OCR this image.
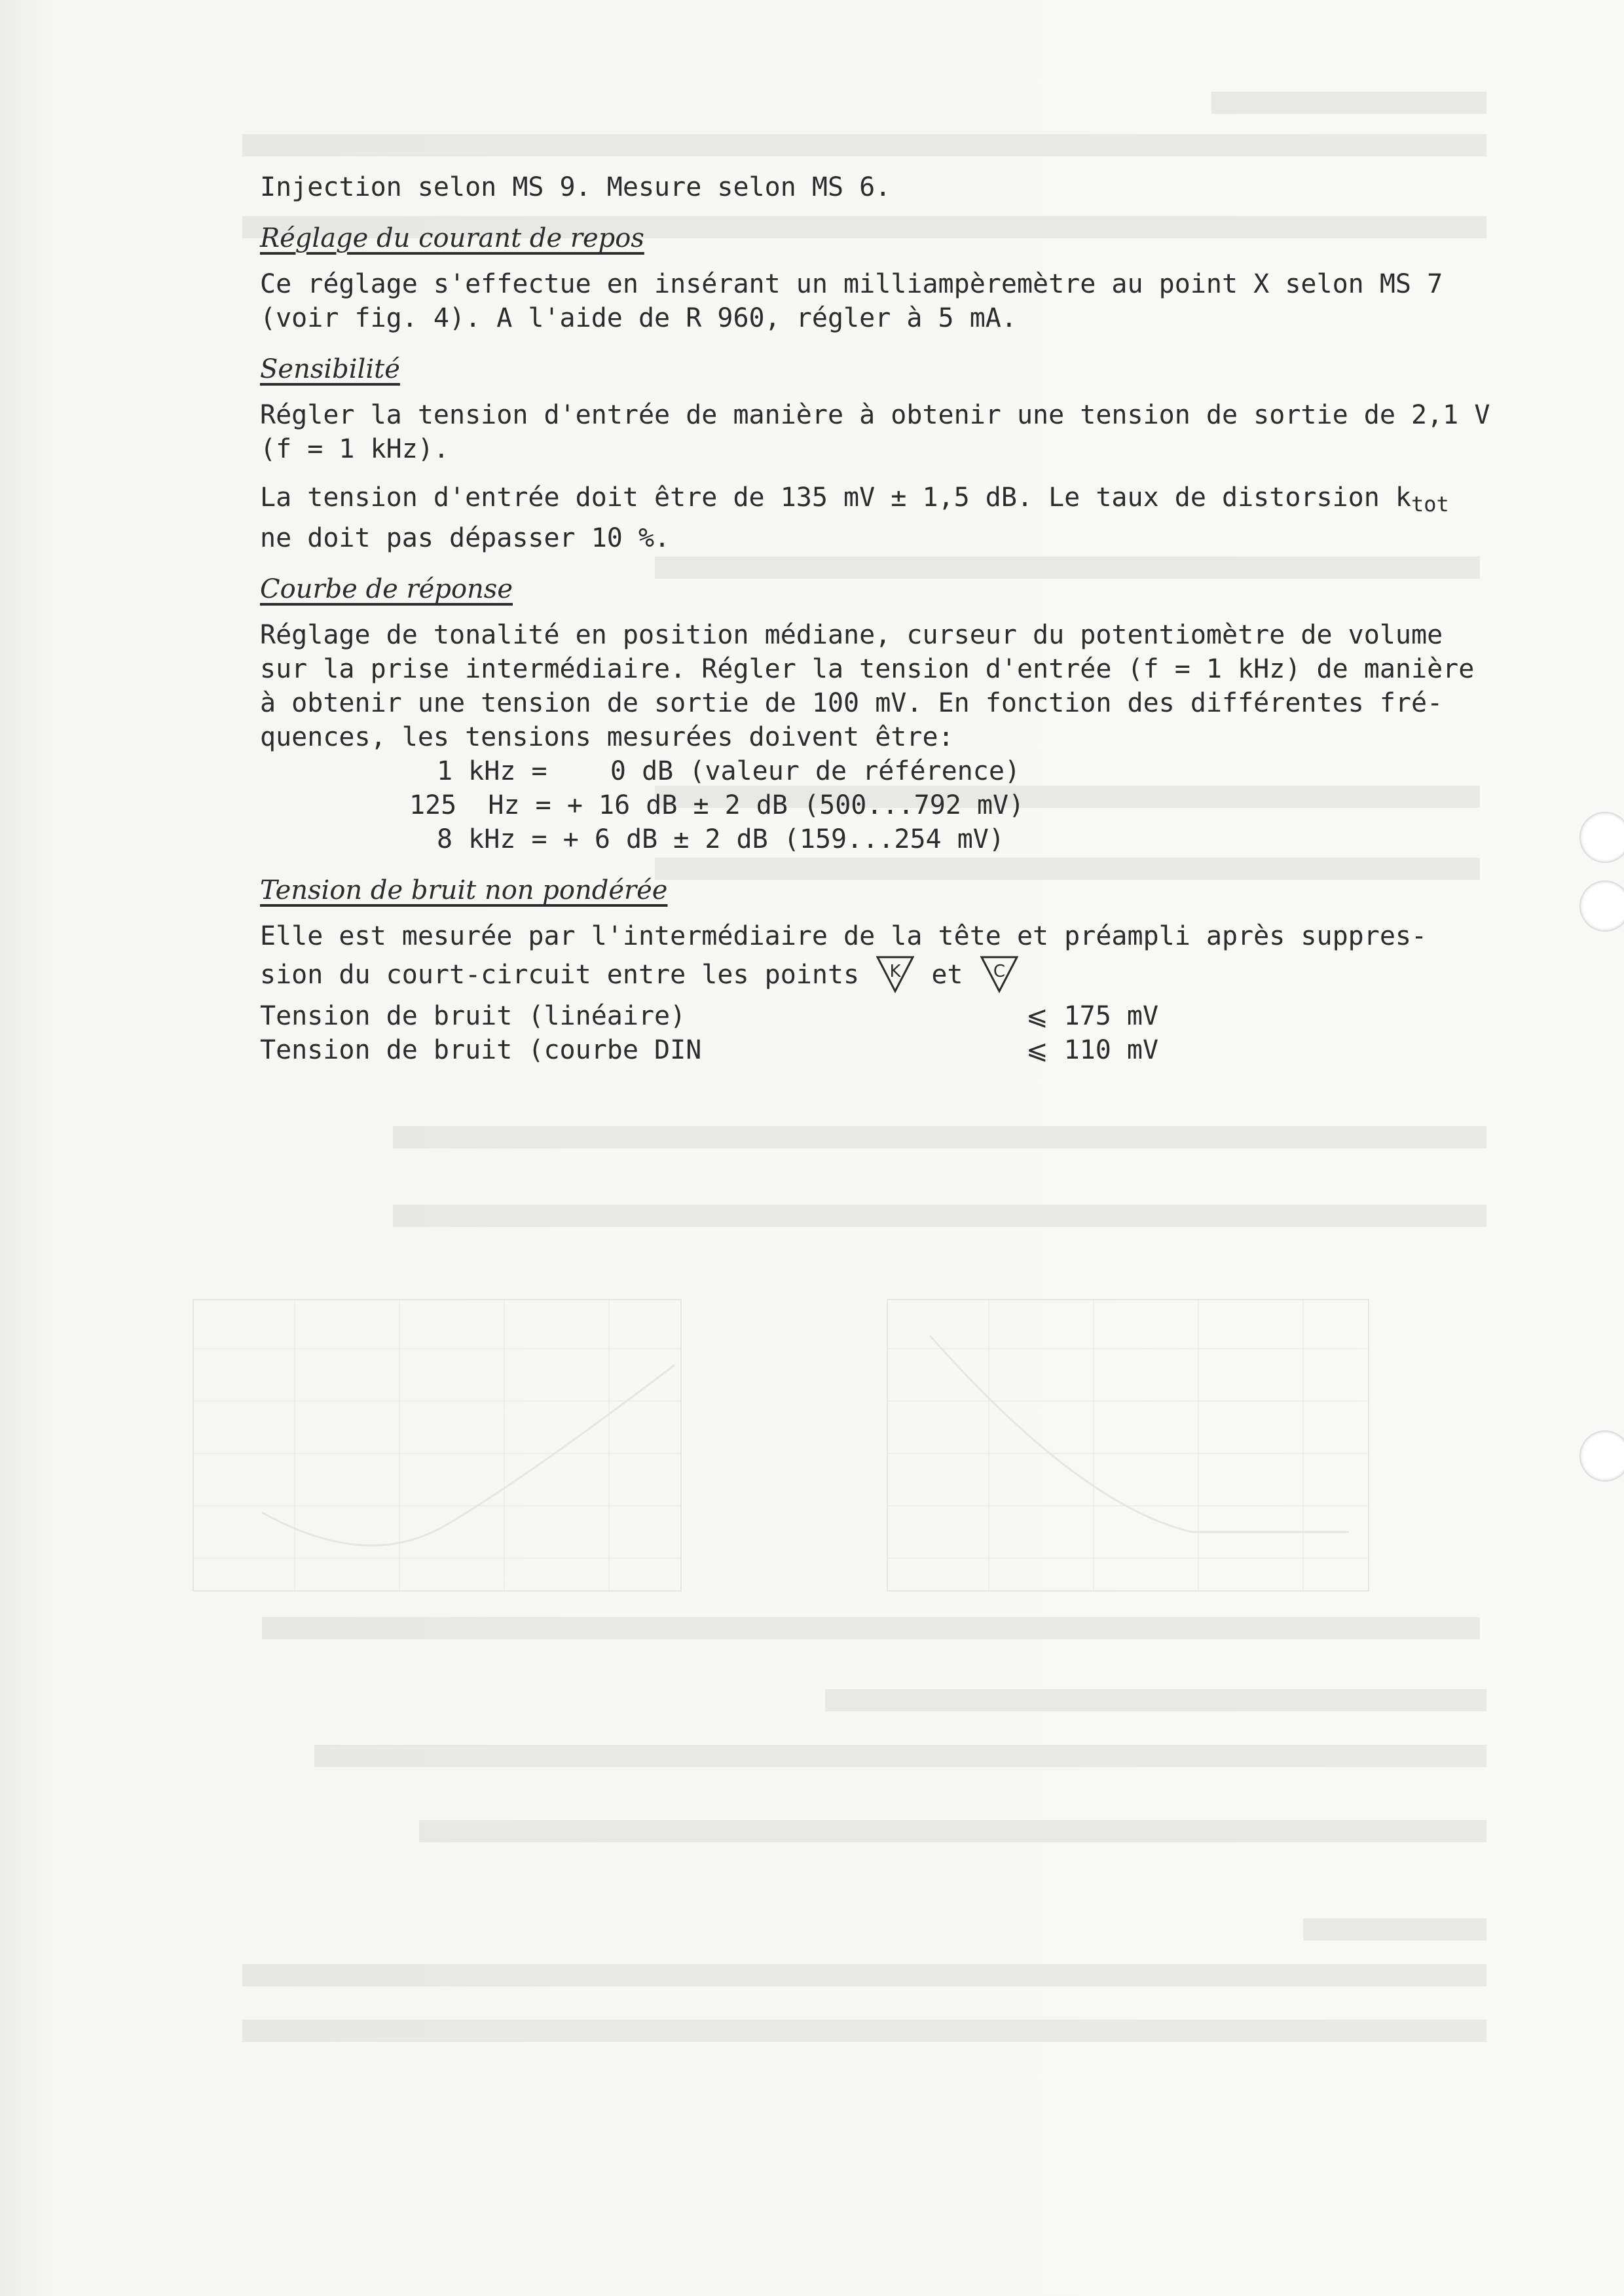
Injection selon MS 9. Mesure selon MS 6.

Réglage du courant de repos

Ce réglage s'effectue en insérant un milliampèremètre au point X selon MS 7

(voir fig. 4). A l'aide de R 960, régler à 5 mA.

Sensibilité

Régler la tension d'entrée de manière à obtenir une tension de sortie de 2,1 V

(f = 1 kHz).

La tension d'entrée doit être de 135 mV ± 1,5 dB. Le taux de distorsion $k_{tot}$

ne doit pas dépasser 10 %.

Courbe de réponse

Réglage de tonalité en position médiane, curseur du potentiomètre de volume

sur la prise intermédiaire. Régler la tension d'entrée (f = 1 kHz) de manière

à obtenir une tension de sortie de 100 mV. En fonction des différentes fré-

quences, les tensions mesurées doivent être:

1 kHz =    0 dB (valeur de référence)
125  Hz = + 16 dB ± 2 dB (500...792 mV)
8 kHz = + 6 dB ± 2 dB (159...254 mV)
Tension de bruit non pondérée

Elle est mesurée par l'intermédiaire de la tête et préampli après suppres-

sion du court-circuit entre les points K et C

Tension de bruit (linéaire)	⩽ 175 mV
Tension de bruit (courbe DIN	⩽ 110 mV
